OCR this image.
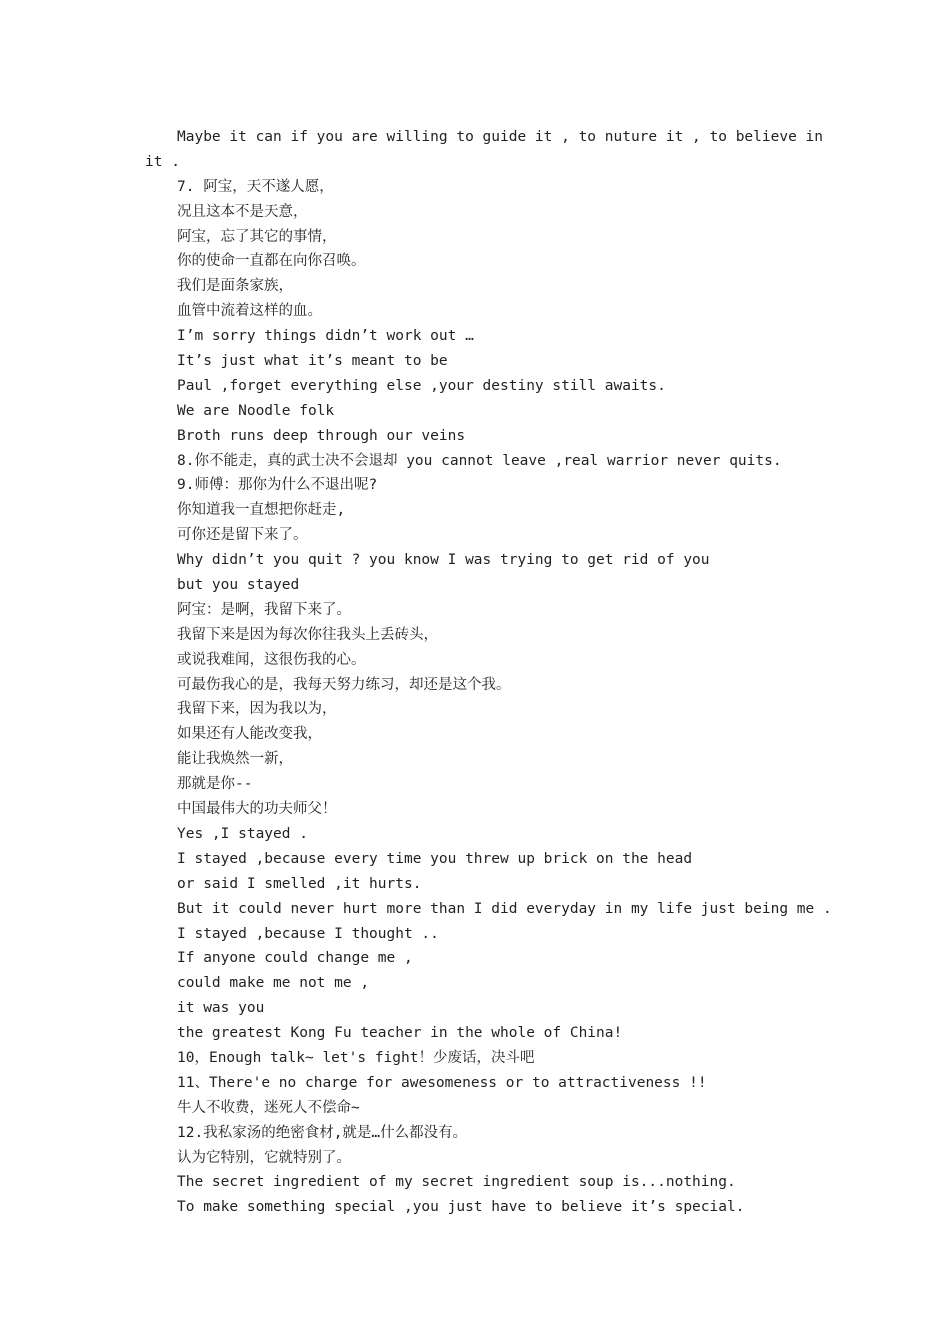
Maybe it can if you are willing to guide it , to nuture it , to believe in

it .

7. 阿宝，天不遂人愿，

况且这本不是天意，

阿宝，忘了其它的事情，

你的使命一直都在向你召唤。

我们是面条家族，

血管中流着这样的血。

I’m sorry things didn’t work out …

It’s just what it’s meant to be

Paul ,forget everything else ,your destiny still awaits.

We are Noodle folk

Broth runs deep through our veins

8.你不能走，真的武士决不会退却 you cannot leave ,real warrior never quits.

9.师傅：那你为什么不退出呢?

你知道我一直想把你赶走,

可你还是留下来了。

Why didn’t you quit ? you know I was trying to get rid of you

but you stayed

阿宝：是啊，我留下来了。

我留下来是因为每次你往我头上丢砖头，

或说我难闻，这很伤我的心。

可最伤我心的是，我每天努力练习，却还是这个我。

我留下来，因为我以为，

如果还有人能改变我，

能让我焕然一新，

那就是你--

中国最伟大的功夫师父！

Yes ,I stayed .

I stayed ,because every time you threw up brick on the head

or said I smelled ,it hurts.

But it could never hurt more than I did everyday in my life just being me .

I stayed ,because I thought ..

If anyone could change me ,

could make me not me ,

it was you

the greatest Kong Fu teacher in the whole of China!

10，Enough talk~ let's fight！少废话，决斗吧

11、There'e no charge for awesomeness or to attractiveness !!

牛人不收费，迷死人不偿命~

12.我私家汤的绝密食材,就是…什么都没有。

认为它特别，它就特别了。

The secret ingredient of my secret ingredient soup is...nothing.

To make something special ,you just have to believe it’s special.
